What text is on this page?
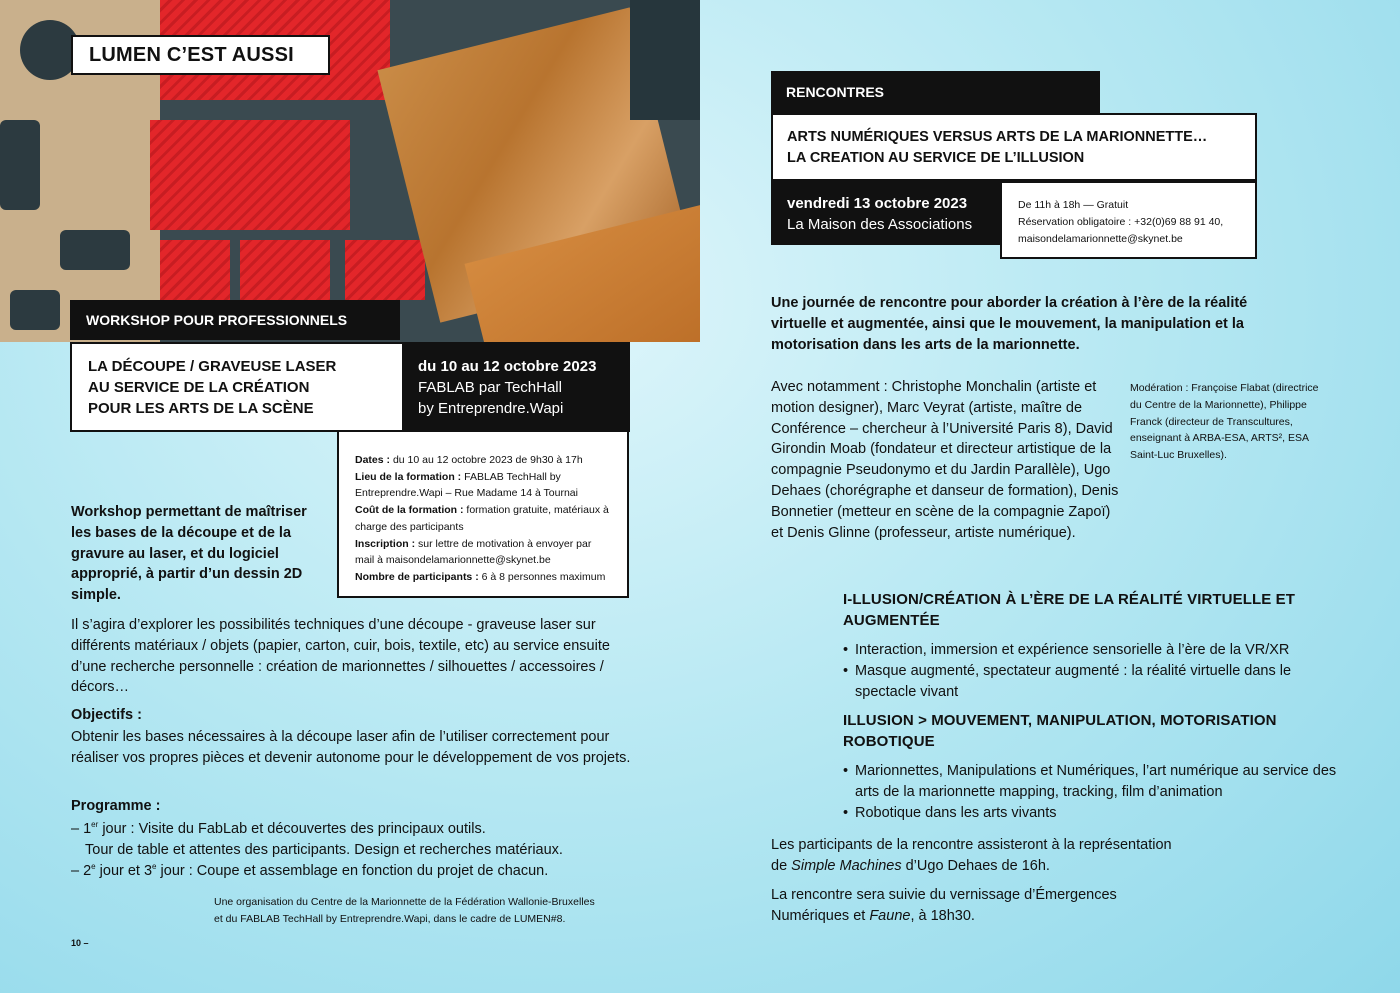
LUMEN C’EST AUSSI
WORKSHOP POUR PROFESSIONNELS
LA DÉCOUPE / GRAVEUSE LASER
AU SERVICE DE LA CRÉATION
POUR LES ARTS DE LA SCÈNE
du 10 au 12 octobre 2023
FABLAB par TechHall
by Entreprendre.Wapi
Dates : du 10 au 12 octobre 2023 de 9h30 à 17h
Lieu de la formation : FABLAB TechHall by Entreprendre.Wapi – Rue Madame 14 à Tournai
Coût de la formation : formation gratuite, matériaux à charge des participants
Inscription : sur lettre de motivation à envoyer par mail à maisondelamarionnette@skynet.be
Nombre de participants : 6 à 8 personnes maximum
Workshop permettant de maîtriser les bases de la découpe et de la gravure au laser, et du logiciel approprié, à partir d’un dessin 2D simple.
Il s’agira d’explorer les possibilités techniques d’une découpe - graveuse laser sur différents matériaux / objets (papier, carton, cuir, bois, textile, etc) au service ensuite d’une recherche personnelle : création de marionnettes / silhouettes / accessoires / décors…
Objectifs :
Obtenir les bases nécessaires à la découpe laser afin de l’utiliser correctement pour réaliser vos propres pièces et devenir autonome pour le développement de vos projets.
Programme :
– 1er jour : Visite du FabLab et découvertes des principaux outils.
Tour de table et attentes des participants. Design et recherches matériaux.
– 2e jour et 3e jour : Coupe et assemblage en fonction du projet de chacun.
Une organisation du Centre de la Marionnette de la Fédération Wallonie-Bruxelles
et du FABLAB TechHall by Entreprendre.Wapi, dans le cadre de LUMEN#8.
10 –
RENCONTRES
ARTS NUMÉRIQUES VERSUS ARTS DE LA MARIONNETTE…
LA CREATION AU SERVICE DE L’ILLUSION
vendredi 13 octobre 2023
La Maison des Associations
De 11h à 18h — Gratuit
Réservation obligatoire : +32(0)69 88 91 40,
maisondelamarionnette@skynet.be
Une journée de rencontre pour aborder la création à l’ère de la réalité virtuelle et augmentée, ainsi que le mouvement, la manipulation et la motorisation dans les arts de la marionnette.
Avec notamment : Christophe Monchalin (artiste et motion designer), Marc Veyrat (artiste, maître de Conférence – chercheur à l’Université Paris 8), David Girondin Moab (fondateur et directeur artistique de la compagnie Pseudonymo et du Jardin Parallèle), Ugo Dehaes (chorégraphe et danseur de formation), Denis Bonnetier (metteur en scène de la compagnie Zapoï) et Denis Glinne (professeur, artiste numérique).
Modération : Françoise Flabat (directrice du Centre de la Marionnette), Philippe Franck (directeur de Transcultures, enseignant à ARBA-ESA, ARTS², ESA Saint-Luc Bruxelles).
I-LLUSION/CRÉATION À L’ÈRE DE LA RÉALITÉ VIRTUELLE ET AUGMENTÉE
• Interaction, immersion et expérience sensorielle à l’ère de la VR/XR
• Masque augmenté, spectateur augmenté : la réalité virtuelle dans le spectacle vivant
ILLUSION > MOUVEMENT, MANIPULATION, MOTORISATION ROBOTIQUE
• Marionnettes, Manipulations et Numériques, l’art numérique au service des arts de la marionnette mapping, tracking, film d’animation
• Robotique dans les arts vivants
Les participants de la rencontre assisteront à la représentation de Simple Machines d’Ugo Dehaes de 16h.
La rencontre sera suivie du vernissage d’Émergences Numériques et Faune, à 18h30.
